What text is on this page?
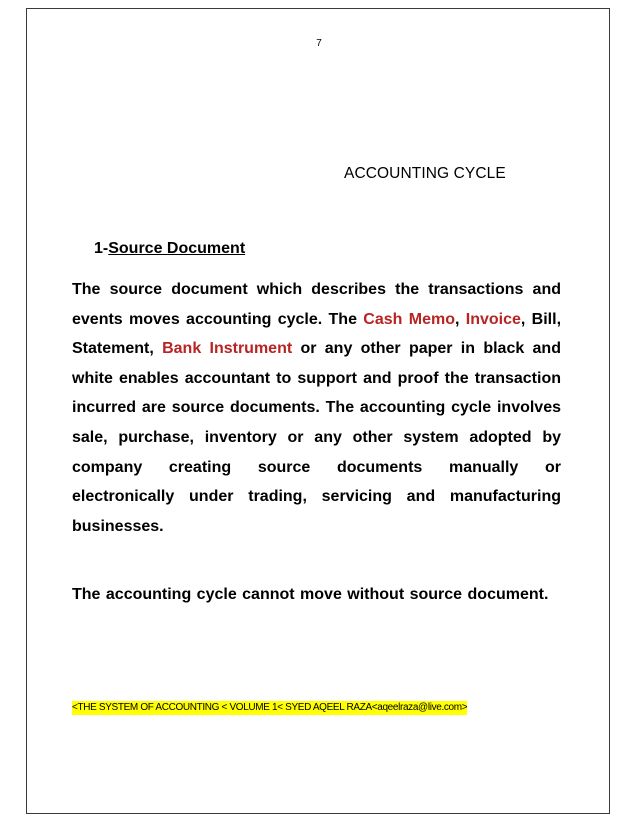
7
ACCOUNTING CYCLE
1-Source Document
The source document which describes the transactions and events moves accounting cycle. The Cash Memo, Invoice, Bill, Statement, Bank Instrument or any other paper in black and white enables accountant to support and proof the transaction incurred are source documents. The accounting cycle involves sale, purchase, inventory or any other system adopted by company creating source documents manually or electronically under trading, servicing and manufacturing businesses.
The accounting cycle cannot move without source document.
<THE SYSTEM OF ACCOUNTING < VOLUME 1< SYED AQEEL RAZA<aqeelraza@live.com>
